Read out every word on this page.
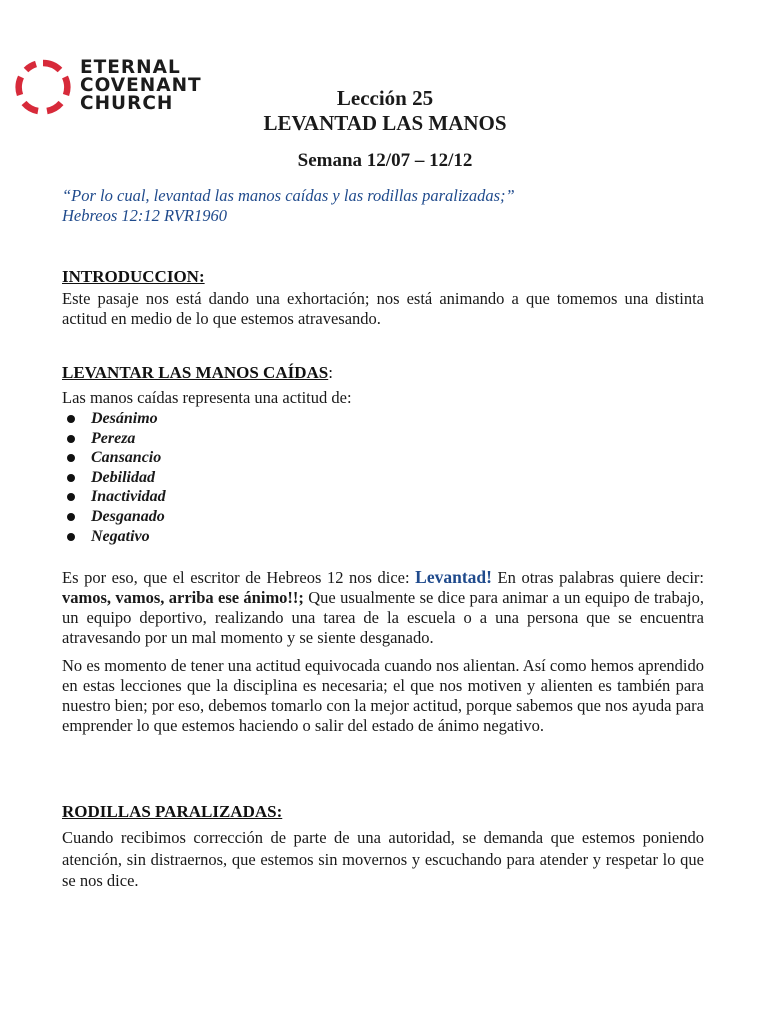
ETERNAL
COVENANT
CHURCH	Lección 25
LEVANTAD LAS MANOS
Semana 12/07 – 12/12
“Por lo cual, levantad las manos caídas y las rodillas paralizadas;”
Hebreos 12:12 RVR1960
INTRODUCCION:
Este pasaje nos está dando una exhortación; nos está animando a que tomemos una distinta actitud en medio de lo que estemos atravesando.
LEVANTAR LAS MANOS CAÍDAS:
Las manos caídas representa una actitud de:
Desánimo
Pereza
Cansancio
Debilidad
Inactividad
Desganado
Negativo
Es por eso, que el escritor de Hebreos 12 nos dice: Levantad! En otras palabras quiere decir: vamos, vamos, arriba ese ánimo!!; Que usualmente se dice para animar a un equipo de trabajo, un equipo deportivo, realizando una tarea de la escuela o a una persona que se encuentra atravesando por un mal momento y se siente desganado.
No es momento de tener una actitud equivocada cuando nos alientan. Así como hemos aprendido en estas lecciones que la disciplina es necesaria; el que nos motiven y alienten es también para nuestro bien; por eso, debemos tomarlo con la mejor actitud, porque sabemos que nos ayuda para emprender lo que estemos haciendo o salir del estado de ánimo negativo.
RODILLAS PARALIZADAS:
Cuando recibimos corrección de parte de una autoridad, se demanda que estemos poniendo atención, sin distraernos, que estemos sin movernos y escuchando para atender y respetar lo que se nos dice.
